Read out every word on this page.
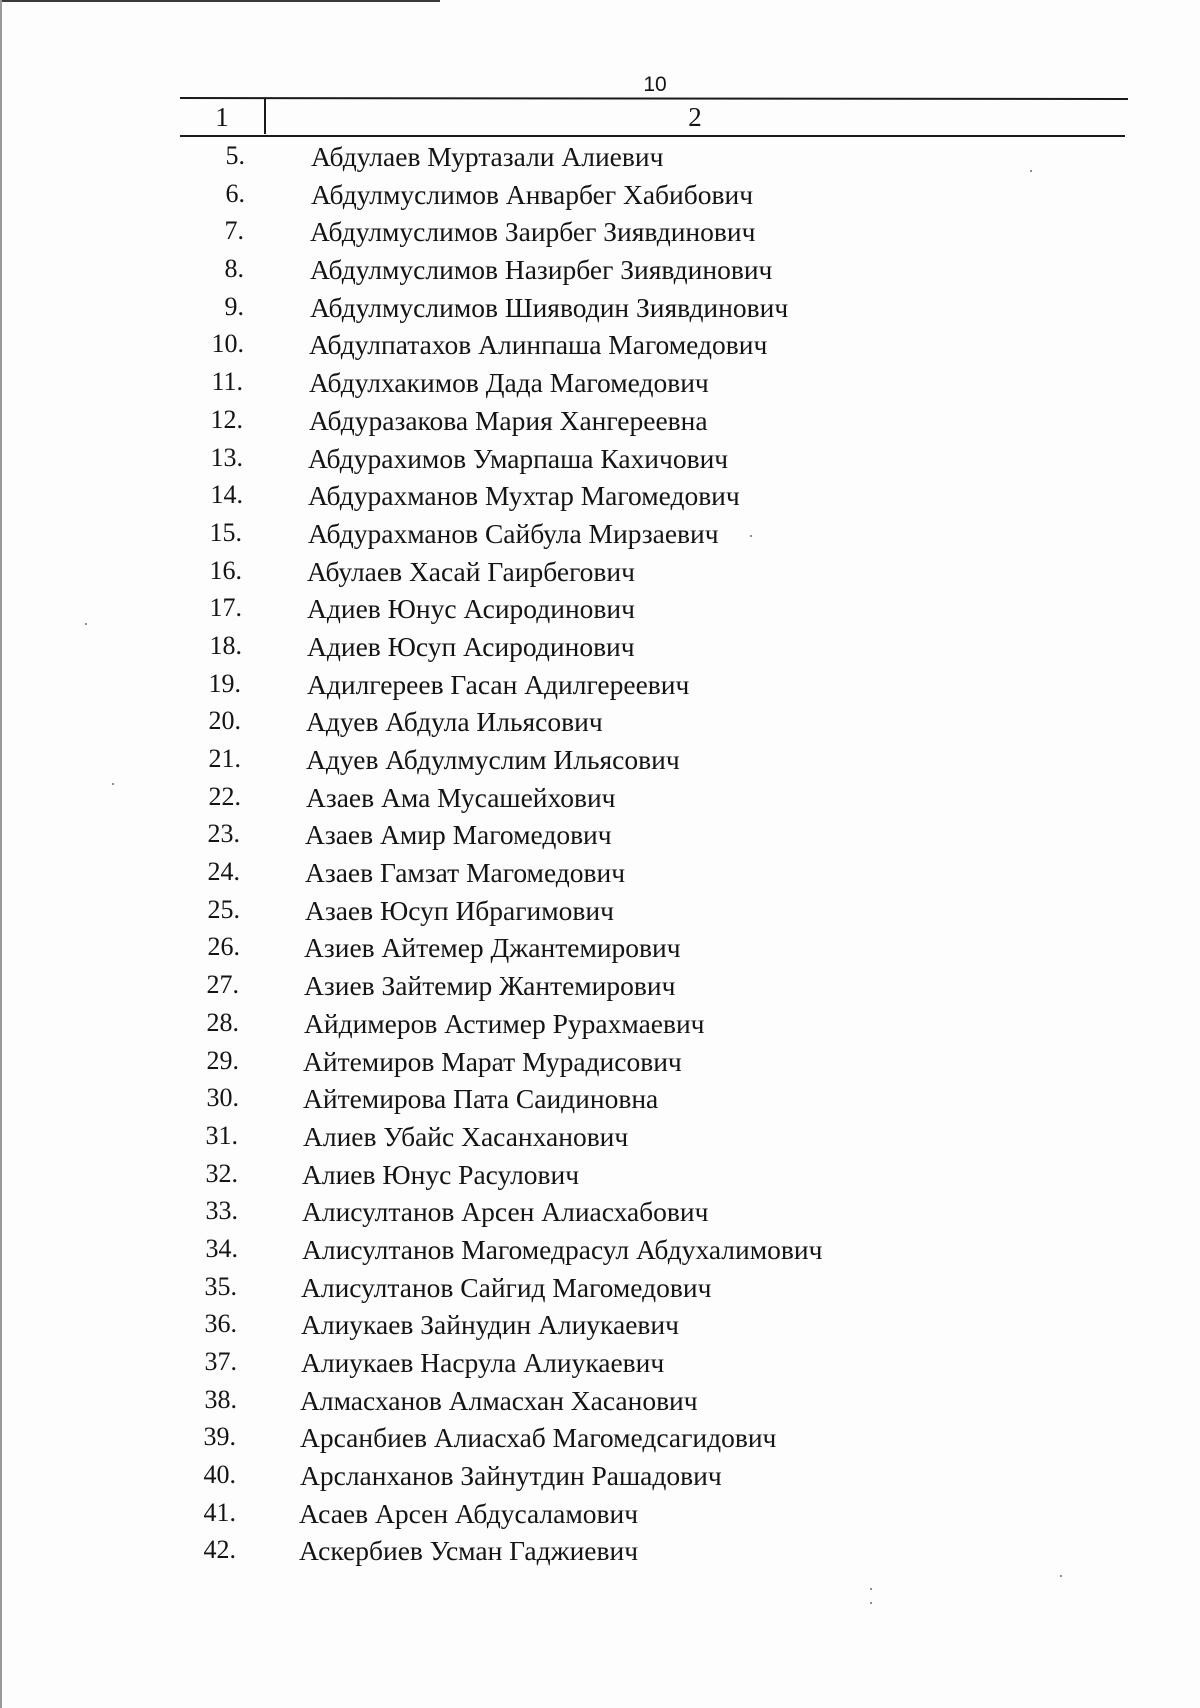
10
1	2
5. Абдулаев Муртазали Алиевич
6. Абдулмуслимов Анварбег Хабибович
7. Абдулмуслимов Заирбег Зиявдинович
8. Абдулмуслимов Назирбег Зиявдинович
9. Абдулмуслимов Шияводин Зиявдинович
10. Абдулпатахов Алинпаша Магомедович
11. Абдулхакимов Дада Магомедович
12. Абдуразакова Мария Хангереевна
13. Абдурахимов Умарпаша Кахичович
14. Абдурахманов Мухтар Магомедович
15. Абдурахманов Сайбула Мирзаевич
16. Абулаев Хасай Гаирбегович
17. Адиев Юнус Асиродинович
18. Адиев Юсуп Асиродинович
19. Адилгереев Гасан Адилгереевич
20. Адуев Абдула Ильясович
21. Адуев Абдулмуслим Ильясович
22. Азаев Ама Мусашейхович
23. Азаев Амир Магомедович
24. Азаев Гамзат Магомедович
25. Азаев Юсуп Ибрагимович
26. Азиев Айтемер Джантемирович
27. Азиев Зайтемир Жантемирович
28. Айдимеров Астимер Рурахмаевич
29. Айтемиров Марат Мурадисович
30. Айтемирова Пата Саидиновна
31. Алиев Убайс Хасанханович
32. Алиев Юнус Расулович
33. Алисултанов Арсен Алиасхабович
34. Алисултанов Магомедрасул Абдухалимович
35. Алисултанов Сайгид Магомедович
36. Алиукаев Зайнудин Алиукаевич
37. Алиукаев Насрула Алиукаевич
38. Алмасханов Алмасхан Хасанович
39. Арсанбиев Алиасхаб Магомедсагидович
40. Арсланханов Зайнутдин Рашадович
41. Асаев Арсен Абдусаламович
42. Аскербиев Усман Гаджиевич
